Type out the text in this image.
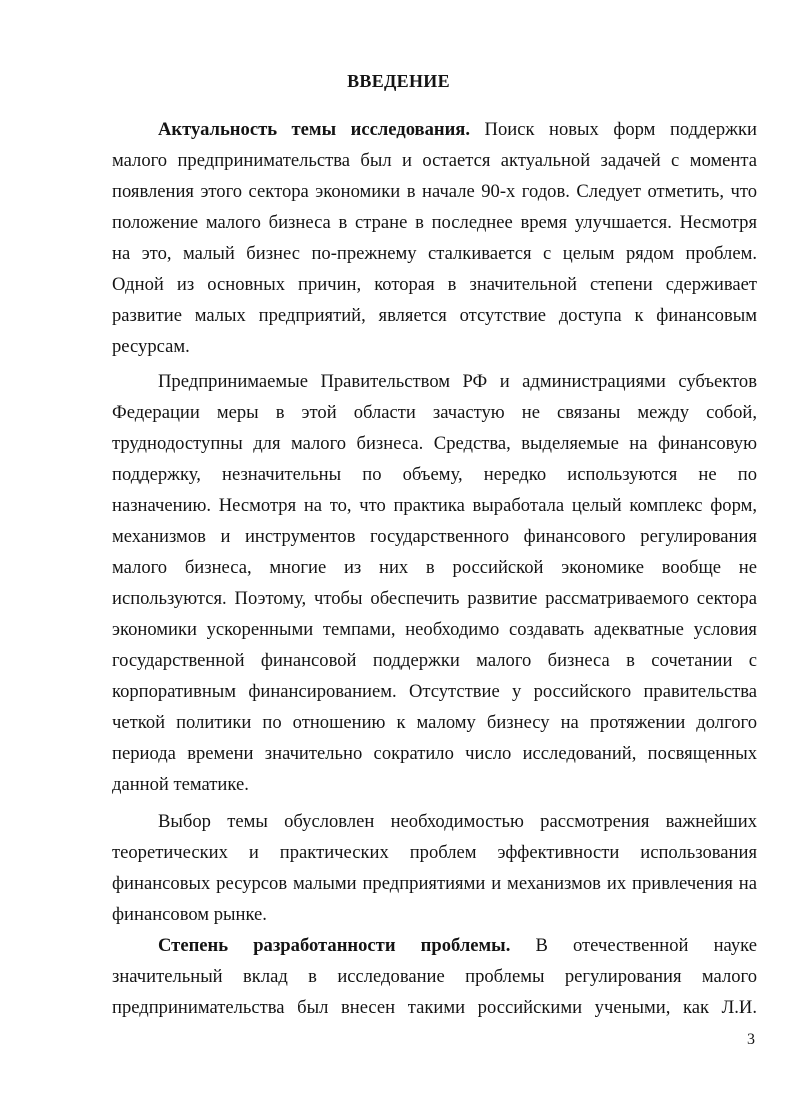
ВВЕДЕНИЕ
Актуальность темы исследования. Поиск новых форм поддержки
малого предпринимательства был и остается актуальной задачей с момента
появления этого сектора экономики в начале 90-х годов. Следует отметить, что
положение малого бизнеса в стране в последнее время улучшается. Несмотря
на это, малый бизнес по-прежнему сталкивается с целым рядом проблем.
Одной из основных причин, которая в значительной степени сдерживает
развитие малых предприятий, является отсутствие доступа к финансовым
ресурсам.
Предпринимаемые Правительством РФ и администрациями субъектов
Федерации меры в этой области зачастую не связаны между собой,
труднодоступны для малого бизнеса. Средства, выделяемые на финансовую
поддержку, незначительны по объему, нередко используются не по
назначению. Несмотря на то, что практика выработала целый комплекс форм,
механизмов и инструментов государственного финансового регулирования
малого бизнеса, многие из них в российской экономике вообще не
используются. Поэтому, чтобы обеспечить развитие рассматриваемого сектора
экономики ускоренными темпами, необходимо создавать адекватные условия
государственной финансовой поддержки малого бизнеса в сочетании с
корпоративным финансированием. Отсутствие у российского правительства
четкой политики по отношению к малому бизнесу на протяжении долгого
периода времени значительно сократило число исследований, посвященных
данной тематике.
Выбор темы обусловлен необходимостью рассмотрения важнейших
теоретических и практических проблем эффективности использования
финансовых ресурсов малыми предприятиями и механизмов их привлечения на
финансовом рынке.
Степень разработанности проблемы. В отечественной науке
значительный вклад в исследование проблемы регулирования малого
предпринимательства был внесен такими российскими учеными, как Л.И.
3
